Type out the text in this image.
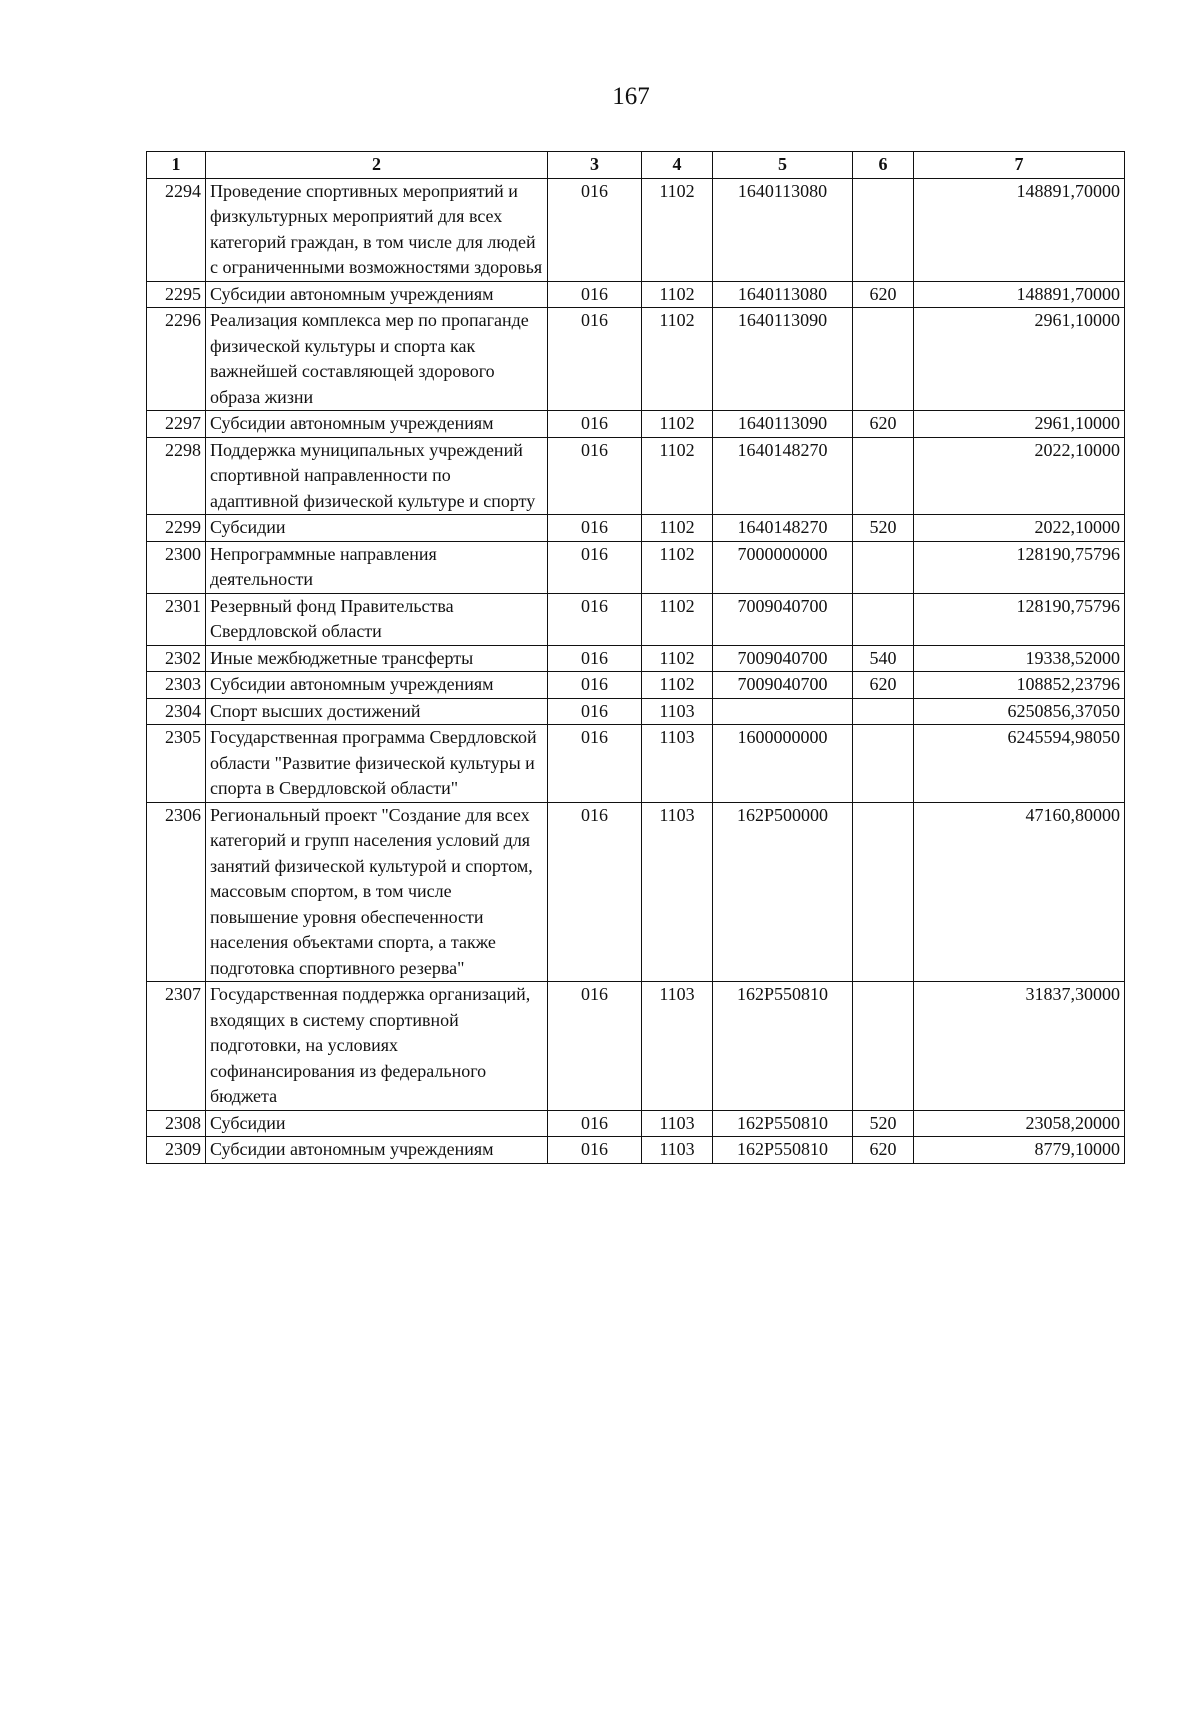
167
1	2	3	4	5	6	7
2294	Проведение спортивных мероприятий и физкультурных мероприятий для всех категорий граждан, в том числе для людей с ограниченными возможностями здоровья	016	1102	1640113080		148891,70000
2295	Субсидии автономным учреждениям	016	1102	1640113080	620	148891,70000
2296	Реализация комплекса мер по пропаганде физической культуры и спорта как важнейшей составляющей здорового образа жизни	016	1102	1640113090		2961,10000
2297	Субсидии автономным учреждениям	016	1102	1640113090	620	2961,10000
2298	Поддержка муниципальных учреждений спортивной направленности по адаптивной физической культуре и спорту	016	1102	1640148270		2022,10000
2299	Субсидии	016	1102	1640148270	520	2022,10000
2300	Непрограммные направления деятельности	016	1102	7000000000		128190,75796
2301	Резервный фонд Правительства Свердловской области	016	1102	7009040700		128190,75796
2302	Иные межбюджетные трансферты	016	1102	7009040700	540	19338,52000
2303	Субсидии автономным учреждениям	016	1102	7009040700	620	108852,23796
2304	Спорт высших достижений	016	1103			6250856,37050
2305	Государственная программа Свердловской области "Развитие физической культуры и спорта в Свердловской области"	016	1103	1600000000		6245594,98050
2306	Региональный проект "Создание для всех категорий и групп населения условий для занятий физической культурой и спортом, массовым спортом, в том числе повышение уровня обеспеченности населения объектами спорта, а также подготовка спортивного резерва"	016	1103	162P500000		47160,80000
2307	Государственная поддержка организаций, входящих в систему спортивной подготовки, на условиях софинансирования из федерального бюджета	016	1103	162P550810		31837,30000
2308	Субсидии	016	1103	162P550810	520	23058,20000
2309	Субсидии автономным учреждениям	016	1103	162P550810	620	8779,10000
